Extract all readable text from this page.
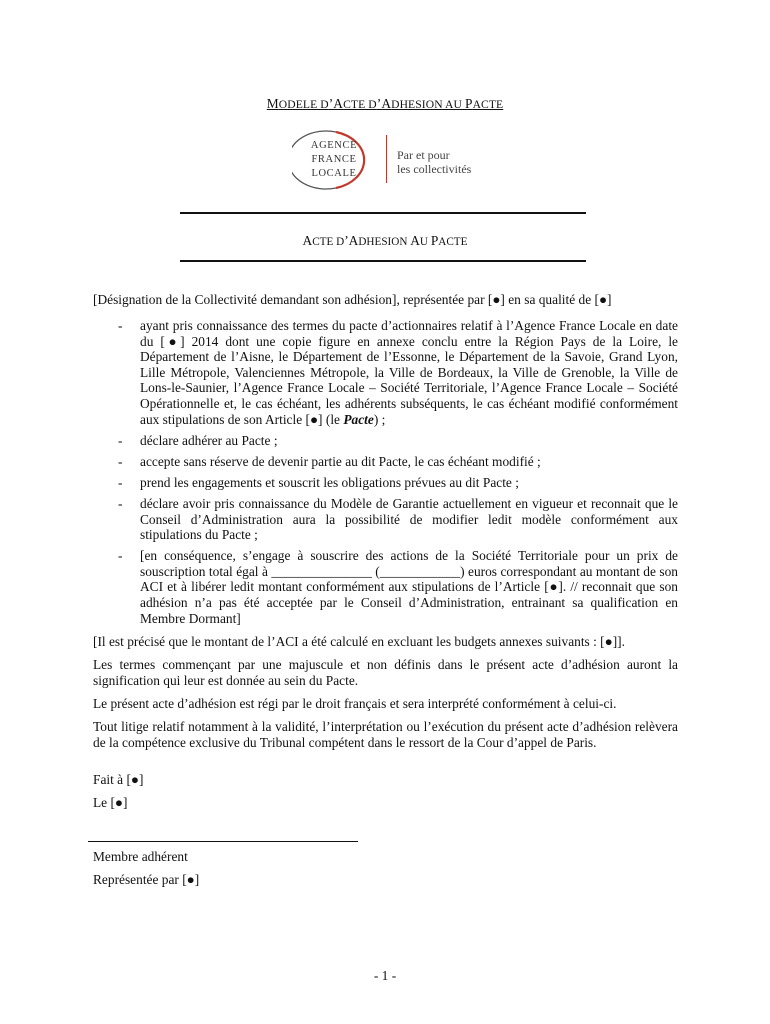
MODELE D’ACTE D’ADHESION AU PACTE
AGENCE
FRANCE
LOCALE
Par et pour
les collectivités
ACTE D’ADHESION AU PACTE
[Désignation de la Collectivité demandant son adhésion], représentée par [●] en sa qualité de [●]
- ayant pris connaissance des termes du pacte d’actionnaires relatif à l’Agence France Locale en date du [●] 2014 dont une copie figure en annexe conclu entre la Région Pays de la Loire, le Département de l’Aisne, le Département de l’Essonne, le Département de la Savoie, Grand Lyon, Lille Métropole, Valenciennes Métropole, la Ville de Bordeaux, la Ville de Grenoble, la Ville de Lons-le-Saunier, l’Agence France Locale – Société Territoriale, l’Agence France Locale – Société Opérationnelle et, le cas échéant, les adhérents subséquents, le cas échéant modifié conformément aux stipulations de son Article [●] (le Pacte) ;
- déclare adhérer au Pacte ;
- accepte sans réserve de devenir partie au dit Pacte, le cas échéant modifié ;
- prend les engagements et souscrit les obligations prévues au dit Pacte ;
- déclare avoir pris connaissance du Modèle de Garantie actuellement en vigueur et reconnait que le Conseil d’Administration aura la possibilité de modifier ledit modèle conformément aux stipulations du Pacte ;
- [en conséquence, s’engage à souscrire des actions de la Société Territoriale pour un prix de souscription total égal à _______________ (____________) euros correspondant au montant de son ACI et à libérer ledit montant conformément aux stipulations de l’Article [●]. // reconnait que son adhésion n’a pas été acceptée par le Conseil d’Administration, entrainant sa qualification en Membre Dormant]
[Il est précisé que le montant de l’ACI a été calculé en excluant les budgets annexes suivants : [●]].
Les termes commençant par une majuscule et non définis dans le présent acte d’adhésion auront la signification qui leur est donnée au sein du Pacte.
Le présent acte d’adhésion est régi par le droit français et sera interprété conformément à celui-ci.
Tout litige relatif notamment à la validité, l’interprétation ou l’exécution du présent acte d’adhésion relèvera de la compétence exclusive du Tribunal compétent dans le ressort de la Cour d’appel de Paris.
Fait à [●]
Le [●]
Membre adhérent
Représentée par [●]
- 1 -
